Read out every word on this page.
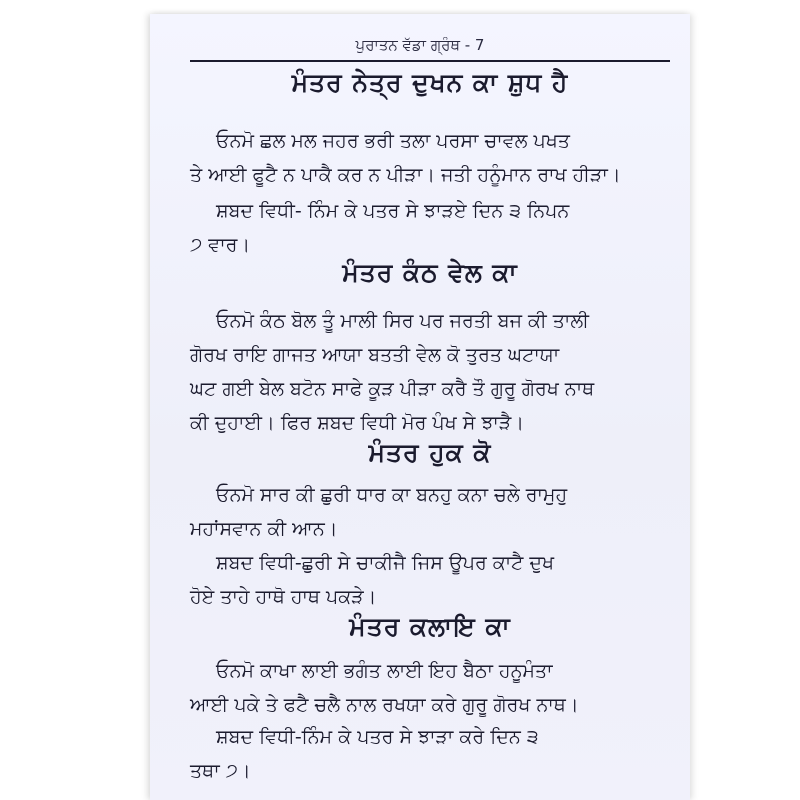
ਪੁਰਾਤਨ ਵੱਡਾ ਗ੍ਰੰਥ - 7
ਮੰਤਰ ਨੇਤ੍ਰ ਦੁਖਨ ਕਾ ਸ਼ੁਧ ਹੈ
ਓਨਮੋ ਛਲ ਮਲ ਜਹਰ ਭਰੀ ਤਲਾ ਪਰਸਾ ਚਾਵਲ ਪਖਤ
ਤੇ ਆਈ ਫੂਟੈ ਨ ਪਾਕੈ ਕਰ ਨ ਪੀੜਾ। ਜਤੀ ਹਨੂੰਮਾਨ ਰਾਖ ਹੀੜਾ।
ਸ਼ਬਦ ਵਿਧੀ- ਨਿੰਮ ਕੇ ਪਤਰ ਸੇ ਝਾੜਏ ਦਿਨ ੩ ਨਿਪਨ
੭ ਵਾਰ।
ਮੰਤਰ ਕੰਠ ਵੇਲ ਕਾ
ਓਨਮੋ ਕੰਠ ਬੋਲ ਤੂੰ ਮਾਲੀ ਸਿਰ ਪਰ ਜਰਤੀ ਬਜ ਕੀ ਤਾਲੀ
ਗੋਰਖ ਰਾਇ ਗਾਜਤ ਆਯਾ ਬਤਤੀ ਵੇਲ ਕੋ ਤੁਰਤ ਘਟਾਯਾ
ਘਟ ਗਈ ਬੇਲ ਬਟੋਨ ਸਾਫੇ ਕੂੜ ਪੀੜਾ ਕਰੈ ਤੌ ਗੁਰੂ ਗੋਰਖ ਨਾਥ
ਕੀ ਦੁਹਾਈ। ਫਿਰ ਸ਼ਬਦ ਵਿਧੀ ਮੋਰ ਪੰਖ ਸੇ ਝਾੜੈ।
ਮੰਤਰ ਹੁਕ ਕੋ
ਓਨਮੋ ਸਾਰ ਕੀ ਛੁਰੀ ਧਾਰ ਕਾ ਬਨਹੁ ਕਨਾ ਚਲੇ ਰਾਮੁਹੁ
ਮਹਾਂਸਵਾਨ ਕੀ ਆਨ।
ਸ਼ਬਦ ਵਿਧੀ-ਛੁਰੀ ਸੇ ਚਾਕੀਜੈ ਜਿਸ ਊਪਰ ਕਾਟੈ ਦੁਖ
ਹੋਏ ਤਾਹੇ ਹਾਥੋ ਹਾਥ ਪਕੜੇ।
ਮੰਤਰ ਕਲਾਇ ਕਾ
ਓਨਮੋ ਕਾਖਾ ਲਾਈ ਭਗੰਤ ਲਾਈ ਇਹ ਬੈਠਾ ਹਨੂਮੰਤਾ
ਆਈ ਪਕੇ ਤੇ ਫਟੈ ਚਲੈ ਨਾਲ ਰਖਯਾ ਕਰੇ ਗੁਰੂ ਗੋਰਖ ਨਾਥ।
ਸ਼ਬਦ ਵਿਧੀ-ਨਿੰਮ ਕੇ ਪਤਰ ਸੇ ਝਾੜਾ ਕਰੇ ਦਿਨ ੩
ਤਥਾ ੭।
